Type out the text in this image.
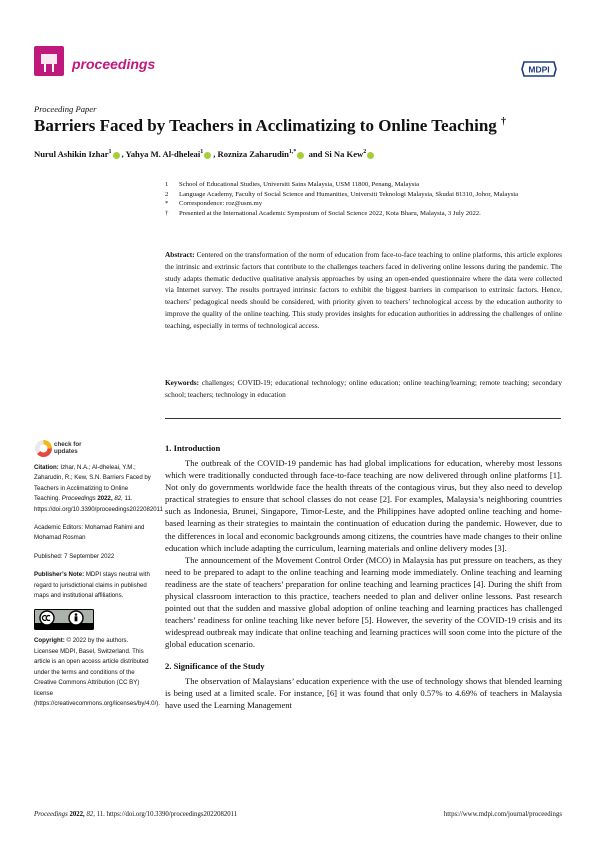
proceedings	MDPI
Proceeding Paper
Barriers Faced by Teachers in Acclimatizing to Online Teaching †
Nurul Ashikin Izhar$^1$ , Yahya M. Al-dheleai$^1$ , Rozniza Zaharudin$^{1,*}$ and Si Na Kew$^2$
1	School of Educational Studies, Universiti Sains Malaysia, USM 11800, Penang, Malaysia
2	Language Academy, Faculty of Social Science and Humanities, Universiti Teknologi Malaysia, Skudai 81310, Johor, Malaysia
*	Correspondence: roz@usm.my
†	Presented at the International Academic Symposium of Social Science 2022, Kota Bharu, Malaysia, 3 July 2022.
Abstract: Centered on the transformation of the norm of education from face-to-face teaching to online platforms, this article explores the intrinsic and extrinsic factors that contribute to the challenges teachers faced in delivering online lessons during the pandemic. The study adapts thematic deductive qualitative analysis approaches by using an open-ended questionnaire where the data were collected via Internet survey. The results portrayed intrinsic factors to exhibit the biggest barriers in comparison to extrinsic factors. Hence, teachers’ pedagogical needs should be considered, with priority given to teachers’ technological access by the education authority to improve the quality of the online teaching. This study provides insights for education authorities in addressing the challenges of online teaching, especially in terms of technological access.
Keywords: challenges; COVID-19; educational technology; online education; online teaching/learning; remote teaching; secondary school; teachers; technology in education
check for
updates

Citation: Izhar, N.A.; Al-dheleai, Y.M.; Zaharudin, R.; Kew, S.N. Barriers Faced by Teachers in Acclimatizing to Online Teaching. Proceedings 2022, 82, 11. https://doi.org/10.3390/proceedings2022082011

Academic Editors: Mohamad Rahimi and Mohamad Rosman

Published: 7 September 2022

Publisher’s Note: MDPI stays neutral with regard to jurisdictional claims in published maps and institutional affiliations.

Copyright: © 2022 by the authors. Licensee MDPI, Basel, Switzerland. This article is an open access article distributed under the terms and conditions of the Creative Commons Attribution (CC BY) license (https://creativecommons.org/licenses/by/4.0/).

1. Introduction

The outbreak of the COVID-19 pandemic has had global implications for education, whereby most lessons which were traditionally conducted through face-to-face teaching are now delivered through online platforms [1]. Not only do governments worldwide face the health threats of the contagious virus, but they also need to develop practical strategies to ensure that school classes do not cease [2]. For examples, Malaysia’s neighboring countries such as Indonesia, Brunei, Singapore, Timor-Leste, and the Philippines have adopted online teaching and home-based learning as their strategies to maintain the continuation of education during the pandemic. However, due to the differences in local and economic backgrounds among citizens, the countries have made changes to their online education which include adapting the curriculum, learning materials and online delivery modes [3].

The announcement of the Movement Control Order (MCO) in Malaysia has put pressure on teachers, as they need to be prepared to adapt to the online teaching and learning mode immediately. Online teaching and learning readiness are the state of teachers’ preparation for online teaching and learning practices [4]. During the shift from physical classroom interaction to this practice, teachers needed to plan and deliver online lessons. Past research pointed out that the sudden and massive global adoption of online teaching and learning practices has challenged teachers’ readiness for online teaching like never before [5]. However, the severity of the COVID-19 crisis and its widespread outbreak may indicate that online teaching and learning practices will soon come into the picture of the global education scenario.

2. Significance of the Study

The observation of Malaysians’ education experience with the use of technology shows that blended learning is being used at a limited scale. For instance, [6] it was found that only 0.57% to 4.69% of teachers in Malaysia have used the Learning Management

Proceedings 2022, 82, 11. https://doi.org/10.3390/proceedings2022082011	https://www.mdpi.com/journal/proceedings
